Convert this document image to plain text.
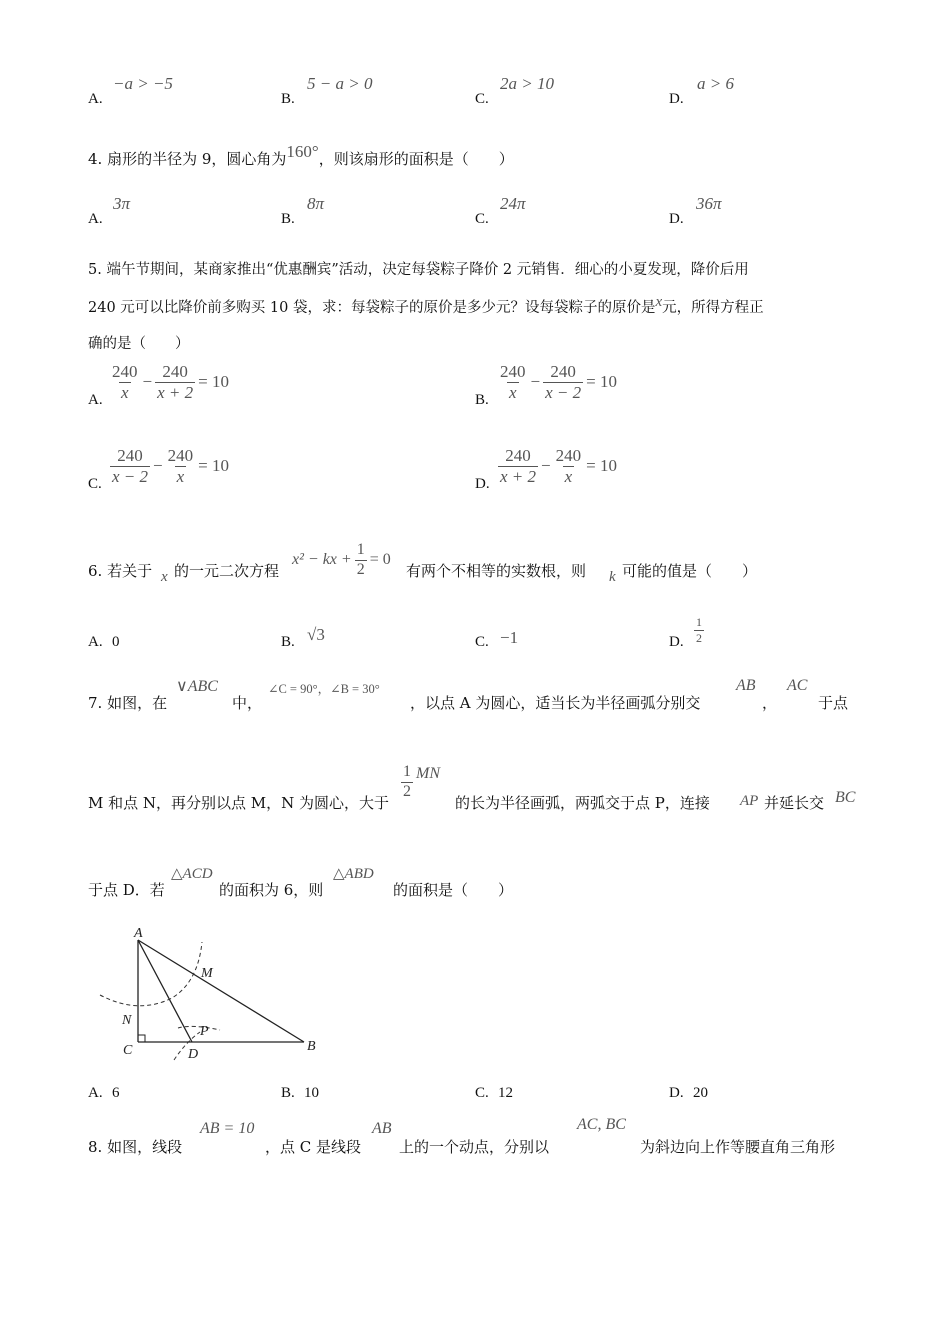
A.
−a > −5
B.
5 − a > 0
C.
2a > 10
D.
a > 6
4. 扇形的半径为 9，圆心角为160°，则该扇形的面积是（　　）
A.
3π
B.
8π
C.
24π
D.
36π
5. 端午节期间，某商家推出“优惠酬宾”活动，决定每袋粽子降价 2 元销售．细心的小夏发现，降价后用
240 元可以比降价前多购买 10 袋，求：每袋粽子的原价是多少元？设每袋粽子的原价是x元，所得方程正
确的是（　　）
A. $\frac{240}{x} - \frac{240}{x + 2} = 10$
B. $\frac{240}{x} - \frac{240}{x - 2} = 10$
C. $\frac{240}{x - 2} - \frac{240}{x} = 10$
D. $\frac{240}{x + 2} - \frac{240}{x} = 10$
6. 若关于 x 的一元二次方程
x² − kx + $\frac{1}{2} = 0$
有两个不相等的实数根，则 k 可能的值是（　　）
A. 0	B. √3	C. −1	D. $\frac{1}{2}$
7. 如图，在
∨ABC
中，
∠C = 90°，∠B = 30°
，以点 A 为圆心，适当长为半径画弧分别交
AB
，
AC
于点
M 和点 N，再分别以点 M，N 为圆心，大于
$\frac{1}{2}$ MN
的长为半径画弧，两弧交于点 P，连接 AP 并延长交 BC
于点 D．若
△ACD
的面积为 6，则
△ABD
的面积是（　　）
A
M
N
P
C	D
B
A. 6	B. 10	C. 12	D. 20
8. 如图，线段
AB = 10
，点 C 是线段
AB
上的一个动点，分别以
AC, BC
为斜边向上作等腰直角三角形
